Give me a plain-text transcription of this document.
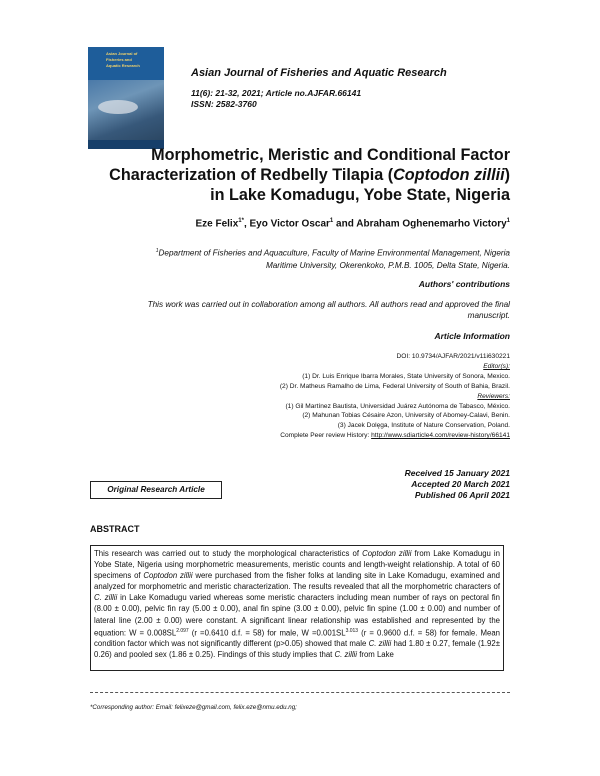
Asian Journal of
Fisheries and
Aquatic Research
Asian Journal of Fisheries and Aquatic Research
11(6): 21-32, 2021; Article no.AJFAR.66141
ISSN: 2582-3760
Morphometric, Meristic and Conditional Factor
Characterization of Redbelly Tilapia (Coptodon zillii)
in Lake Komadugu, Yobe State, Nigeria
Eze Felix$^{1*}$, Eyo Victor Oscar$^1$ and Abraham Oghenemarho Victory$^1$
$^1$Department of Fisheries and Aquaculture, Faculty of Marine Environmental Management, Nigeria
Maritime University, Okerenkoko, P.M.B. 1005, Delta State, Nigeria.
Authors' contributions
This work was carried out in collaboration among all authors. All authors read and approved the final
manuscript.
Article Information
DOI: 10.9734/AJFAR/2021/v11i630221
Editor(s):
(1) Dr. Luis Enrique Ibarra Morales, State University of Sonora, Mexico.
(2) Dr. Matheus Ramalho de Lima, Federal University of South of Bahia, Brazil.
Reviewers:
(1) Gil Martínez Bautista, Universidad Juárez Autónoma de Tabasco, México.
(2) Mahunan Tobias Césaire Azon, University of Abomey-Calavi, Benin.
(3) Jacek Dolęga, Institute of Nature Conservation, Poland.
Complete Peer review History: http://www.sdiarticle4.com/review-history/66141
Received 15 January 2021
Accepted 20 March 2021
Published 06 April 2021
Original Research Article
ABSTRACT
This research was carried out to study the morphological characteristics of Coptodon zillii from Lake Komadugu in Yobe State, Nigeria using morphometric measurements, meristic counts and length-weight relationship. A total of 60 specimens of Coptodon zillii were purchased from the fisher folks at landing site in Lake Komadugu, examined and analyzed for morphometric and meristic characterization. The results revealed that all the morphometric characters of C. zillii in Lake Komadugu varied whereas some meristic characters including mean number of rays on pectoral fin (8.00 ± 0.00), pelvic fin ray (5.00 ± 0.00), anal fin spine (3.00 ± 0.00), pelvic fin spine (1.00 ± 0.00) and number of lateral line (2.00 ± 0.00) were constant. A significant linear relationship was established and represented by the equation: $W = 0.008SL^{2.097}$ (r =0.6410 d.f. = 58) for male, $W =0.001SL^{3.013}$ (r = 0.9600 d.f. = 58) for female. Mean condition factor which was not significantly different (p>0.05) showed that male C. zillii had 1.80 ± 0.27, female (1.92± 0.26) and pooled sex (1.86 ± 0.25). Findings of this study implies that C. zillii from Lake
*Corresponding author: Email: felixeze@gmail.com, felix.eze@nmu.edu.ng;
